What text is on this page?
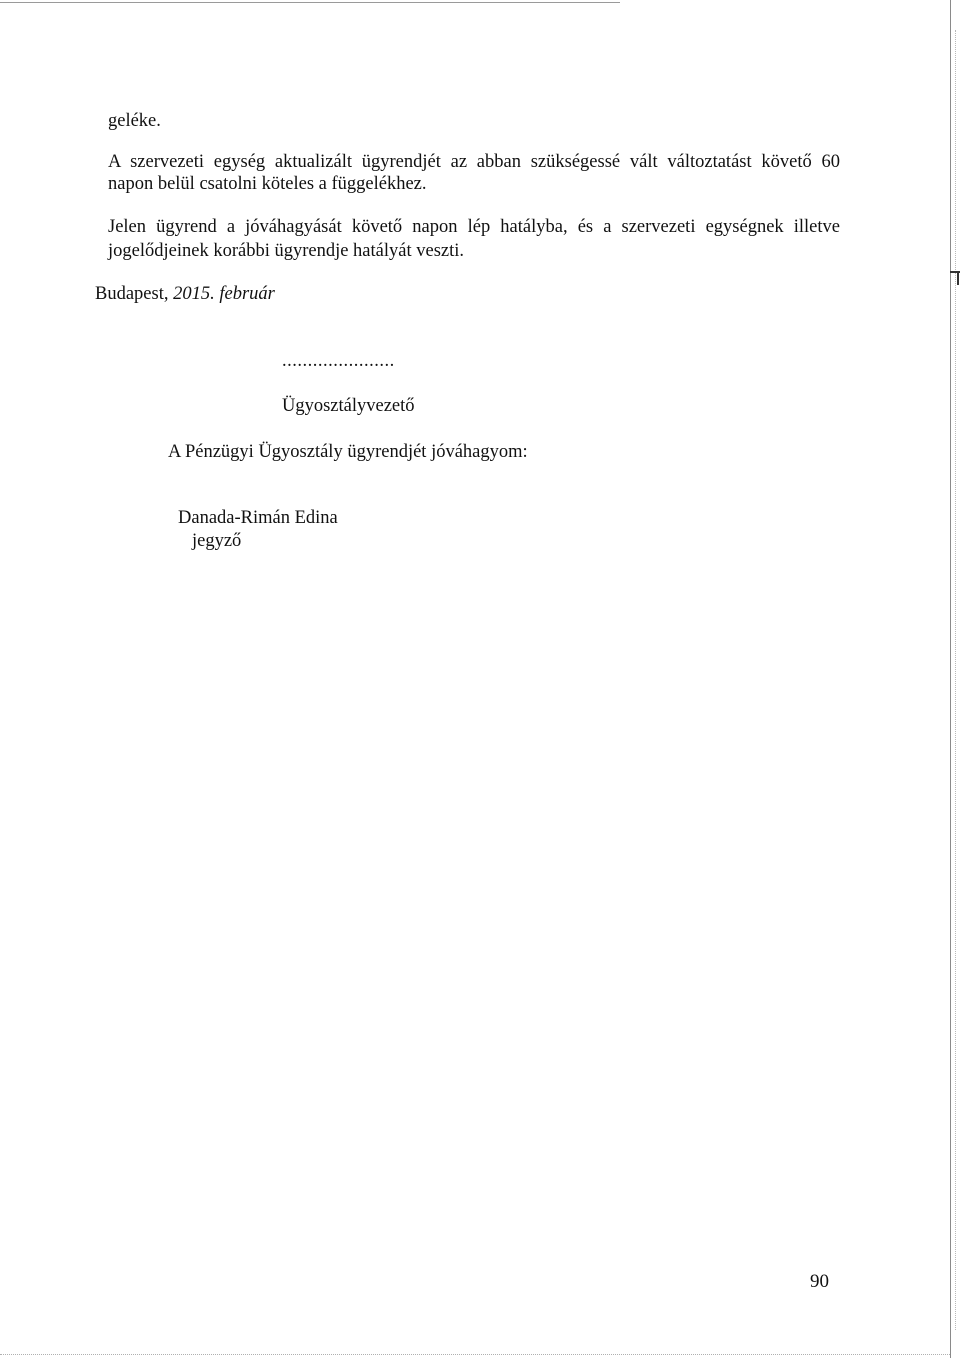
geléke.
A szervezeti egység aktualizált ügyrendjét az abban szükségessé vált változtatást követő 60
napon belül csatolni köteles a függelékhez.
Jelen ügyrend a jóváhagyását követő napon lép hatályba, és a szervezeti egységnek illetve
jogelődjeinek korábbi ügyrendje hatályát veszti.
Budapest, 2015. február
......................
Ügyosztályvezető
A Pénzügyi Ügyosztály ügyrendjét jóváhagyom:
Danada-Rimán Edina
jegyző
90
